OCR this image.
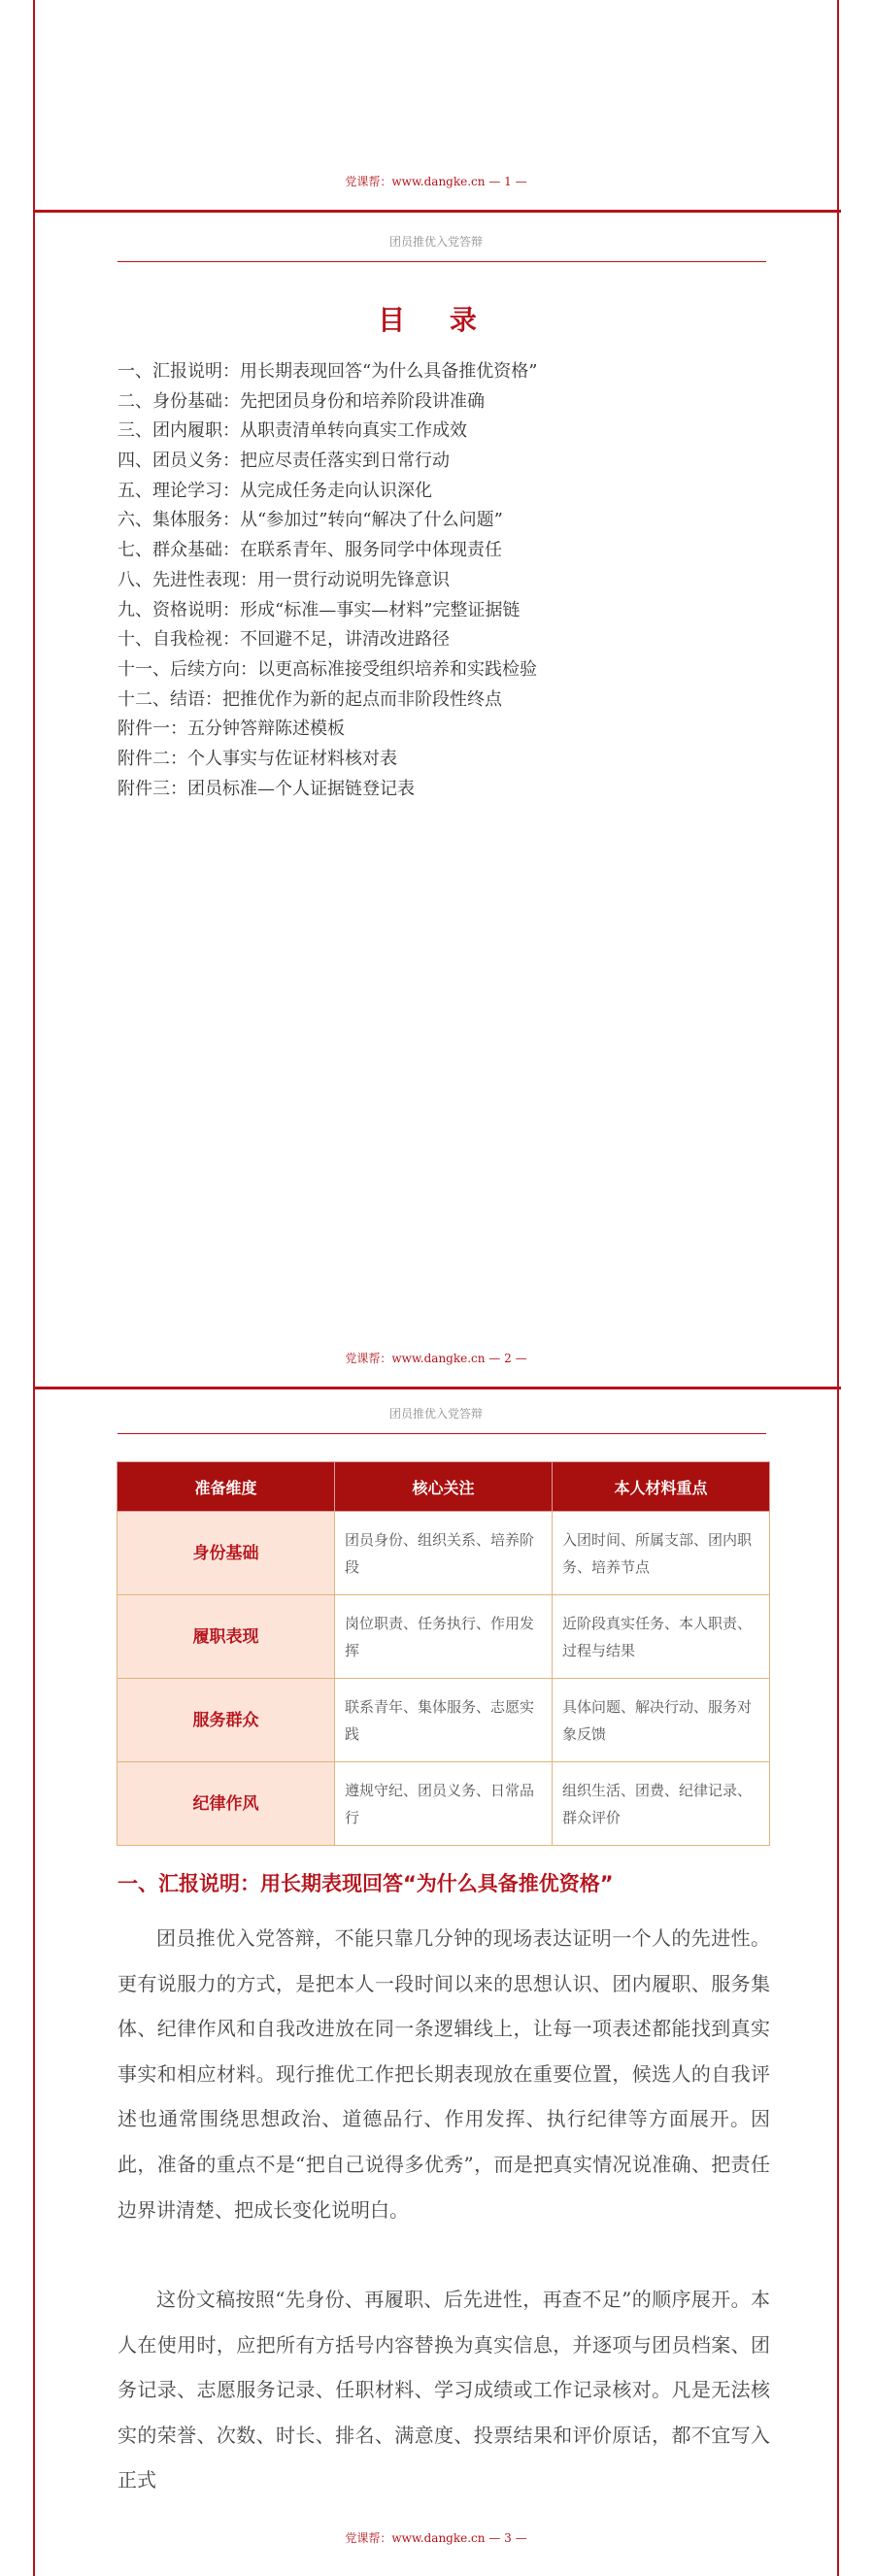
党课帮：www.dangke.cn — 1 —
团员推优入党答辩
目 录
一、汇报说明：用长期表现回答“为什么具备推优资格”
二、身份基础：先把团员身份和培养阶段讲准确
三、团内履职：从职责清单转向真实工作成效
四、团员义务：把应尽责任落实到日常行动
五、理论学习：从完成任务走向认识深化
六、集体服务：从“参加过”转向“解决了什么问题”
七、群众基础：在联系青年、服务同学中体现责任
八、先进性表现：用一贯行动说明先锋意识
九、资格说明：形成“标准—事实—材料”完整证据链
十、自我检视：不回避不足，讲清改进路径
十一、后续方向：以更高标准接受组织培养和实践检验
十二、结语：把推优作为新的起点而非阶段性终点
附件一：五分钟答辩陈述模板
附件二：个人事实与佐证材料核对表
附件三：团员标准—个人证据链登记表
党课帮：www.dangke.cn — 2 —
团员推优入党答辩
准备维度	核心关注	本人材料重点
身份基础	团员身份、组织关系、培养阶段	入团时间、所属支部、团内职务、培养节点
履职表现	岗位职责、任务执行、作用发挥	近阶段真实任务、本人职责、过程与结果
服务群众	联系青年、集体服务、志愿实践	具体问题、解决行动、服务对象反馈
纪律作风	遵规守纪、团员义务、日常品行	组织生活、团费、纪律记录、群众评价
一、汇报说明：用长期表现回答“为什么具备推优资格”

团员推优入党答辩，不能只靠几分钟的现场表达证明一个人的先进性。更有说服力的方式，是把本人一段时间以来的思想认识、团内履职、服务集体、纪律作风和自我改进放在同一条逻辑线上，让每一项表述都能找到真实事实和相应材料。现行推优工作把长期表现放在重要位置，候选人的自我评述也通常围绕思想政治、道德品行、作用发挥、执行纪律等方面展开。因此，准备的重点不是“把自己说得多优秀”，而是把真实情况说准确、把责任边界讲清楚、把成长变化说明白。

这份文稿按照“先身份、再履职、后先进性，再查不足”的顺序展开。本人在使用时，应把所有方括号内容替换为真实信息，并逐项与团员档案、团务记录、志愿服务记录、任职材料、学习成绩或工作记录核对。凡是无法核实的荣誉、次数、时长、排名、满意度、投票结果和评价原话，都不宜写入正式

党课帮：www.dangke.cn — 3 —
